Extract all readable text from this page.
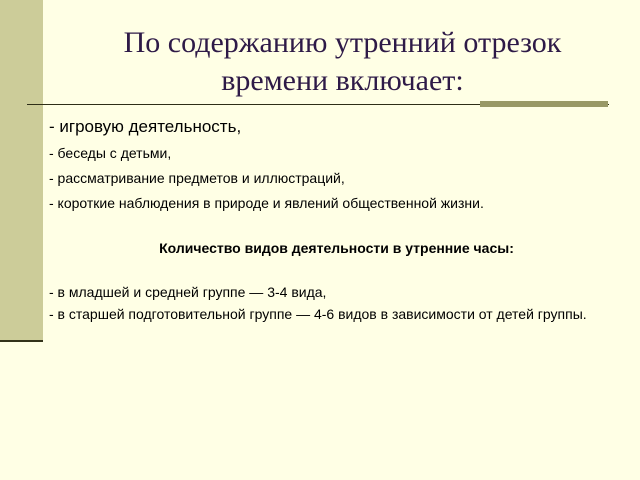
По содержанию утренний отрезок
времени включает:

- игровую деятельность,

- беседы с детьми,

- рассматривание предметов и иллюстраций,

- короткие наблюдения в природе и явлений общественной жизни.

Количество видов деятельности в утренние часы:

- в младшей и средней группе — 3-4 вида,

- в старшей подготовительной группе — 4-6 видов в зависимости от детей группы.
